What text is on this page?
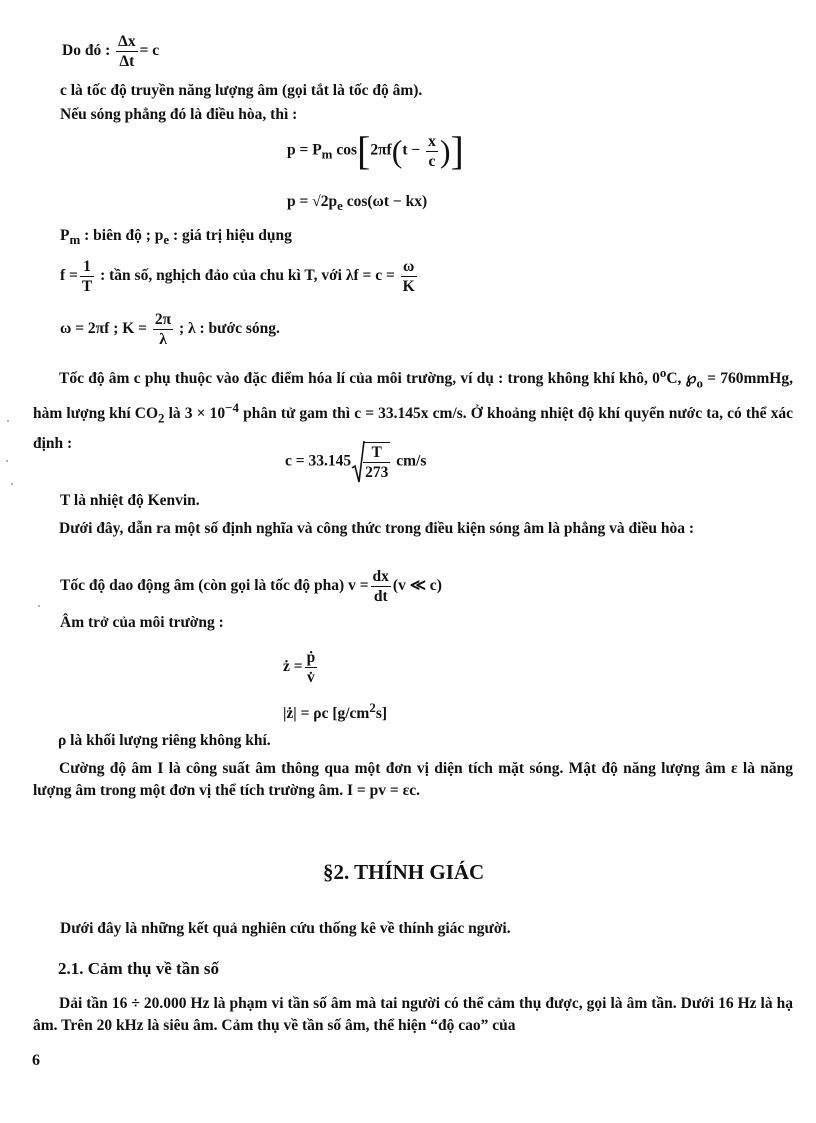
Do đó : $\frac{\Delta x}{\Delta t} = c$
c là tốc độ truyền năng lượng âm (gọi tắt là tốc độ âm).
Nếu sóng phẳng đó là điều hòa, thì :
$p = P_m$ $\cos[2\pi f(t - \frac{x}{c}$ )]
$p = √2p_e$ cos(ωt − kx)
$P_m$ : biên độ ; $p_e$ : giá trị hiệu dụng
$f = \frac{1}{T}$ : tần số, nghịch đảo của chu kì T, với $\lambda f = c = \frac{\omega}{K}$
ω = 2πf ; $K = \frac{2\pi}{\lambda}$ ; λ : bước sóng.
Tốc độ âm c phụ thuộc vào đặc điểm hóa lí của môi trường, ví dụ : trong không khí khô, 0$^o$C, $℘_o$ = 760mmHg, hàm lượng khí $CO_2$ là $3 \times 10^{-4}$ phân tử gam thì c = 33.145x cm/s. Ở khoảng nhiệt độ khí quyển nước ta, có thể xác định :
$c = 33.145 \frac{T}{273} cm/s$
T là nhiệt độ Kenvin.
Dưới đây, dẫn ra một số định nghĩa và công thức trong điều kiện sóng âm là phẳng và điều hòa :
Tốc độ dao động âm (còn gọi là tốc độ pha) $v = \frac{dx}{dt} (v$ ≪ c)
Âm trở của môi trường :
ż = $\frac{\text{ṗ}}{v̇}$
|ż| = ρc $[g/cm^2s]$
ρ là khối lượng riêng không khí.
Cường độ âm I là công suất âm thông qua một đơn vị diện tích mặt sóng. Mật độ năng lượng âm ε là năng lượng âm trong một đơn vị thể tích trường âm. I = pv = εc.
§2. THÍNH GIÁC
Dưới đây là những kết quả nghiên cứu thống kê về thính giác người.
2.1. Cảm thụ về tần số
Dải tần 16 ÷ 20.000 Hz là phạm vi tần số âm mà tai người có thể cảm thụ được, gọi là âm tần. Dưới 16 Hz là hạ âm. Trên 20 kHz là siêu âm. Cảm thụ về tần số âm, thể hiện “độ cao” của
6
